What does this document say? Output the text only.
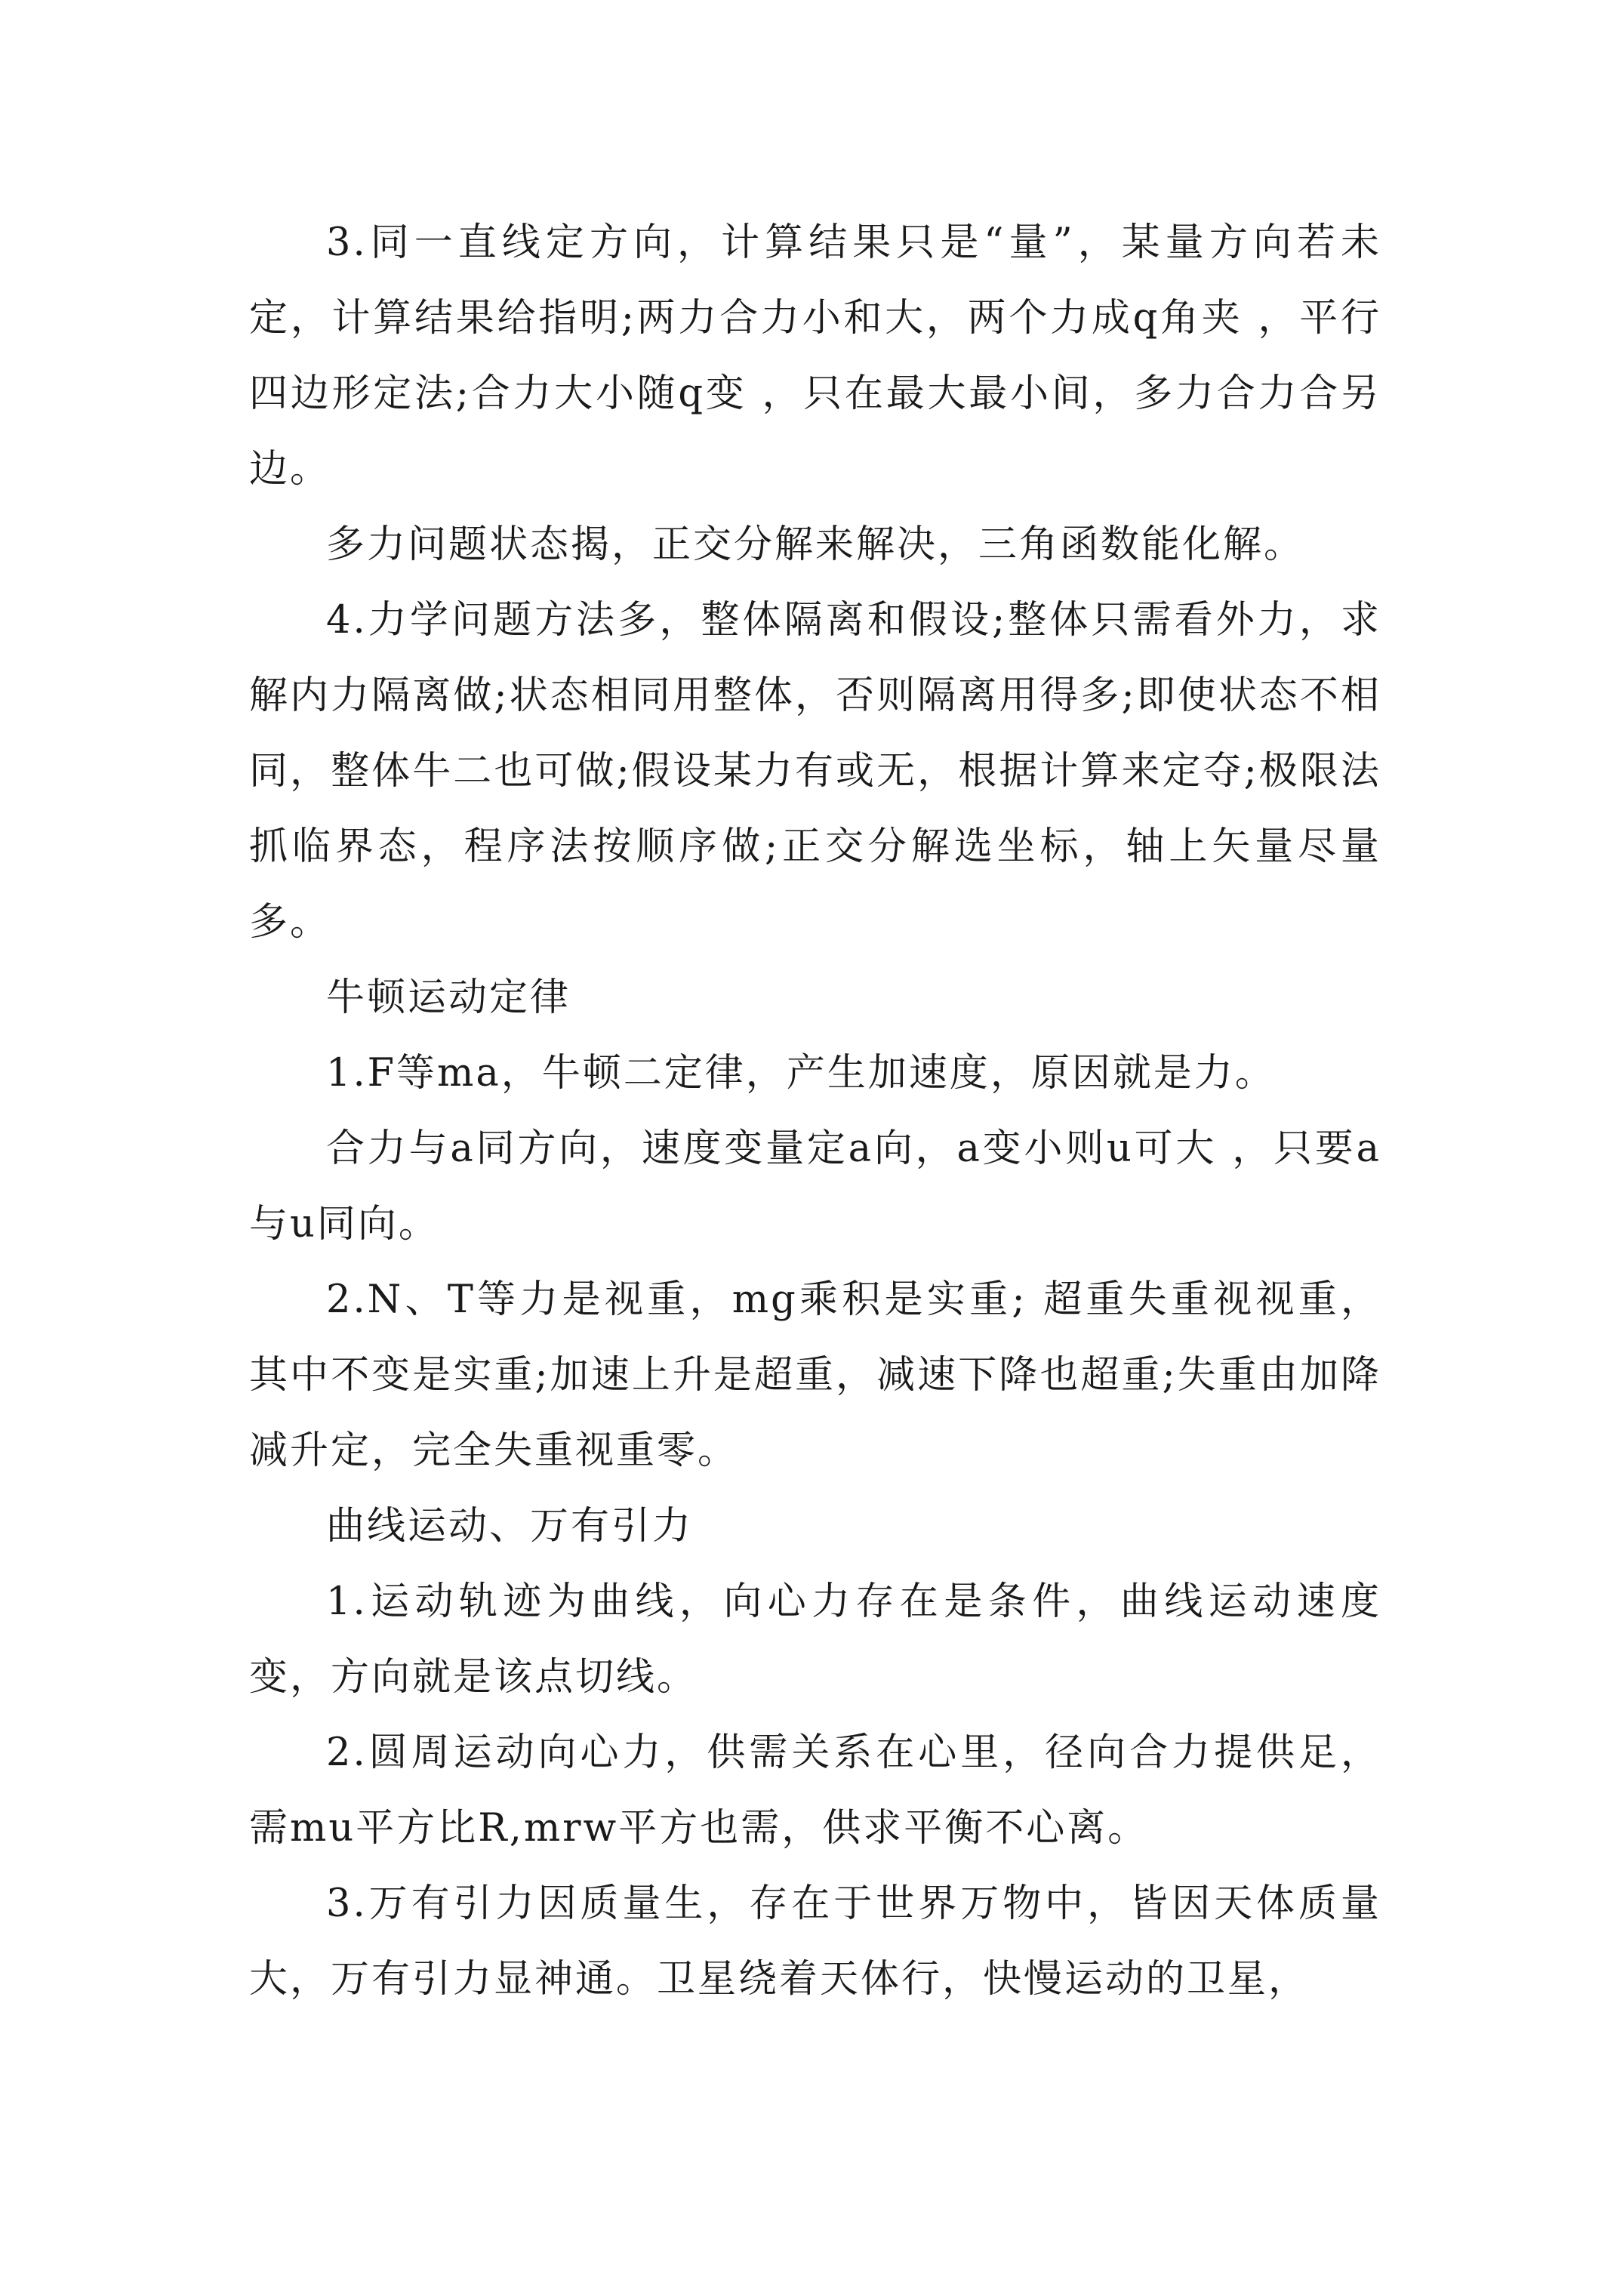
3.同一直线定方向，计算结果只是“量”，某量方向若未定，计算结果给指明;两力合力小和大，两个力成q角夹 ，平行四边形定法;合力大小随q变 ，只在最大最小间，多力合力合另边。

多力问题状态揭，正交分解来解决，三角函数能化解。

4.力学问题方法多，整体隔离和假设;整体只需看外力，求解内力隔离做;状态相同用整体，否则隔离用得多;即使状态不相同，整体牛二也可做;假设某力有或无，根据计算来定夺;极限法抓临界态，程序法按顺序做;正交分解选坐标，轴上矢量尽量多。

牛顿运动定律

1.F等ma，牛顿二定律，产生加速度，原因就是力。

合力与a同方向，速度变量定a向，a变小则u可大 ，只要a与u同向。

2.N、T等力是视重，mg乘积是实重; 超重失重视视重，其中不变是实重;加速上升是超重，减速下降也超重;失重由加降减升定，完全失重视重零。

曲线运动、万有引力

1.运动轨迹为曲线，向心力存在是条件，曲线运动速度变，方向就是该点切线。

2.圆周运动向心力，供需关系在心里，径向合力提供足，需mu平方比R,mrw平方也需，供求平衡不心离。

3.万有引力因质量生，存在于世界万物中，皆因天体质量大，万有引力显神通。卫星绕着天体行，快慢运动的卫星，
